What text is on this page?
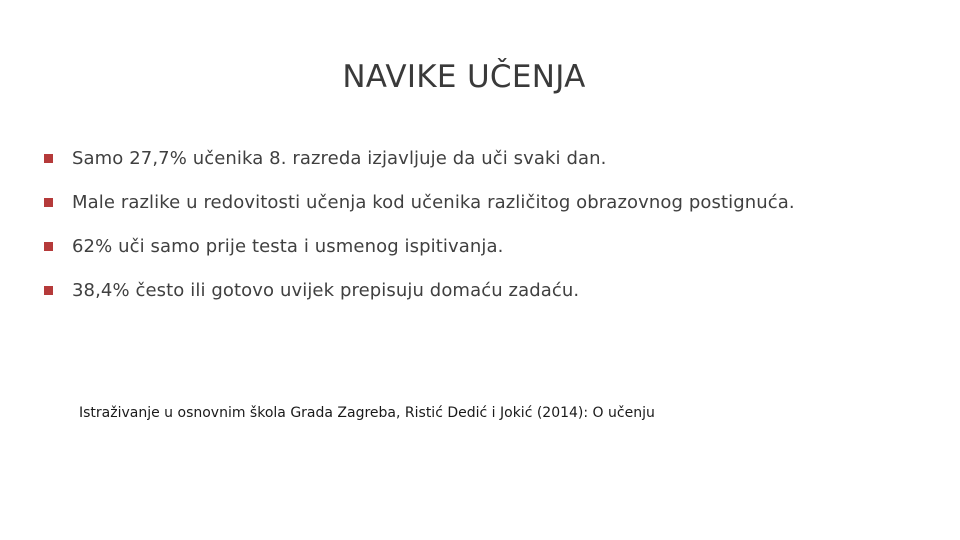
NAVIKE UČENJA
Samo 27,7% učenika 8. razreda izjavljuje da uči svaki dan.
Male razlike u redovitosti učenja kod učenika različitog obrazovnog postignuća.
62% uči samo prije testa i usmenog ispitivanja.
38,4% često ili gotovo uvijek prepisuju domaću zadaću.
Istraživanje u osnovnim škola Grada Zagreba, Ristić Dedić i Jokić (2014): O učenju
